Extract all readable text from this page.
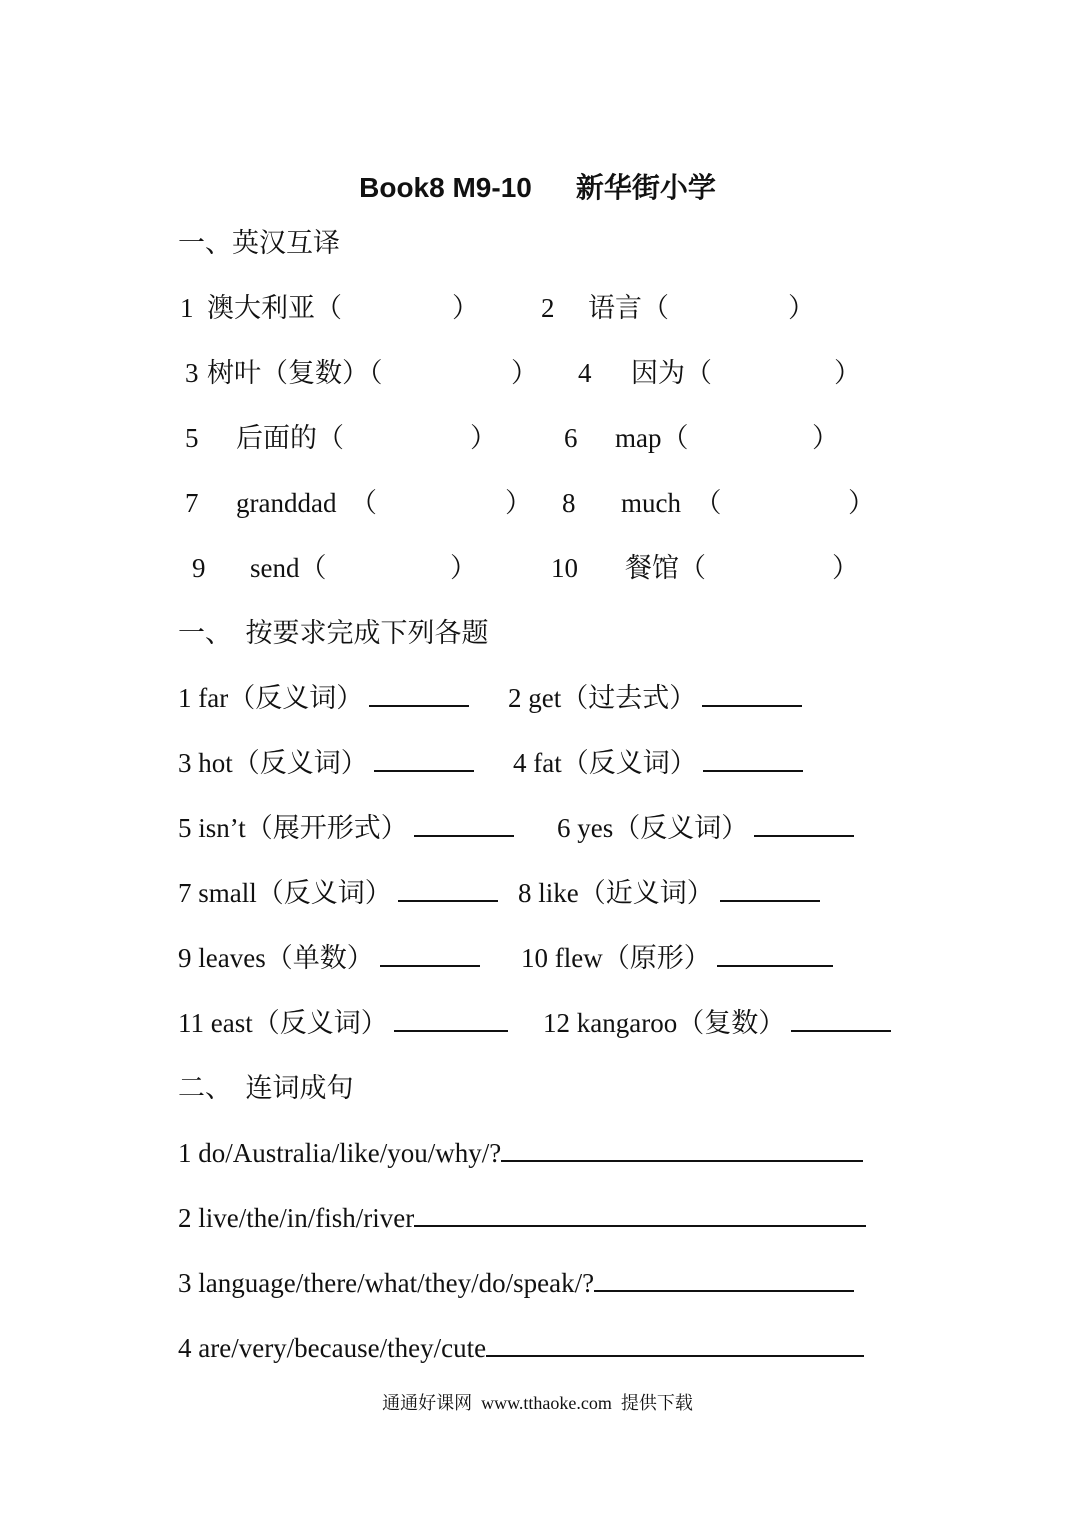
Book8 M9-10 新华街小学
一、英汉互译
1 澳大利亚（	） 2 语言（	）
3 树叶（复数）（	） 4 因为（	）
5 后面的（	） 6 map（	）
7 granddad  （	） 8 much  （	）
9 send（	）	10 餐馆（	）
一、  按要求完成下列各题
1 far（反义词）	2 get（过去式）
3 hot（反义词）	4 fat（反义词）
5 isn’t（展开形式）	6 yes（反义词）
7 small（反义词）	8 like（近义词）
9 leaves（单数）	10 flew（原形）
11 east（反义词）	12 kangaroo（复数）
二、  连词成句
1 do/Australia/like/you/why/?
2 live/the/in/fish/river
3 language/there/what/they/do/speak/?
4 are/very/because/they/cute
通通好课网  www.tthaoke.com  提供下载
